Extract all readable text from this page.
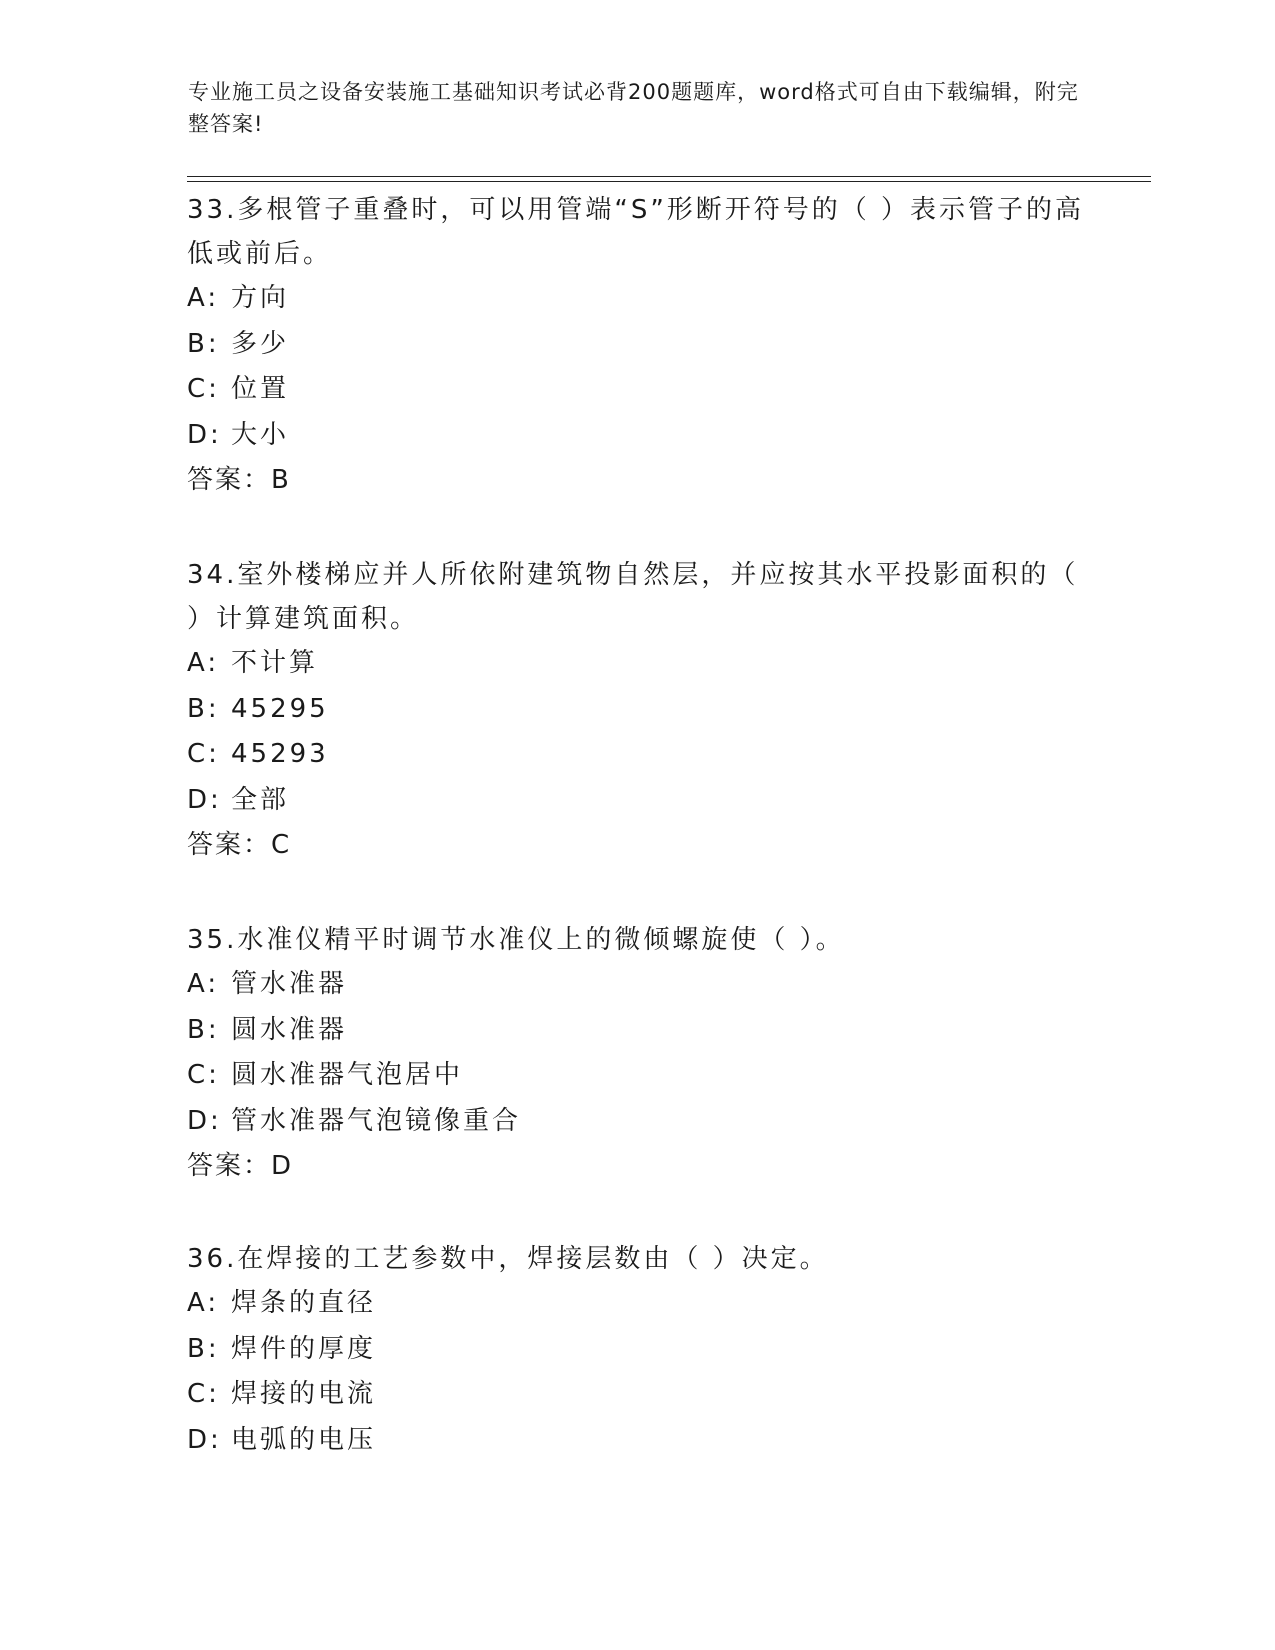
专业施工员之设备安装施工基础知识考试必背200题题库，word格式可自由下载编辑，附完整答案!

33.多根管子重叠时，可以用管端“S”形断开符号的（ ）表示管子的高低或前后。

A: 方向
B: 多少
C: 位置
D: 大小
答案：B

34.室外楼梯应并人所依附建筑物自然层，并应按其水平投影面积的（ ）计算建筑面积。

A: 不计算
B: 45295
C: 45293
D: 全部
答案：C

35.水准仪精平时调节水准仪上的微倾螺旋使（ ）。

A: 管水准器
B: 圆水准器
C: 圆水准器气泡居中
D: 管水准器气泡镜像重合
答案：D

36.在焊接的工艺参数中，焊接层数由（ ）决定。

A: 焊条的直径
B: 焊件的厚度
C: 焊接的电流
D: 电弧的电压
